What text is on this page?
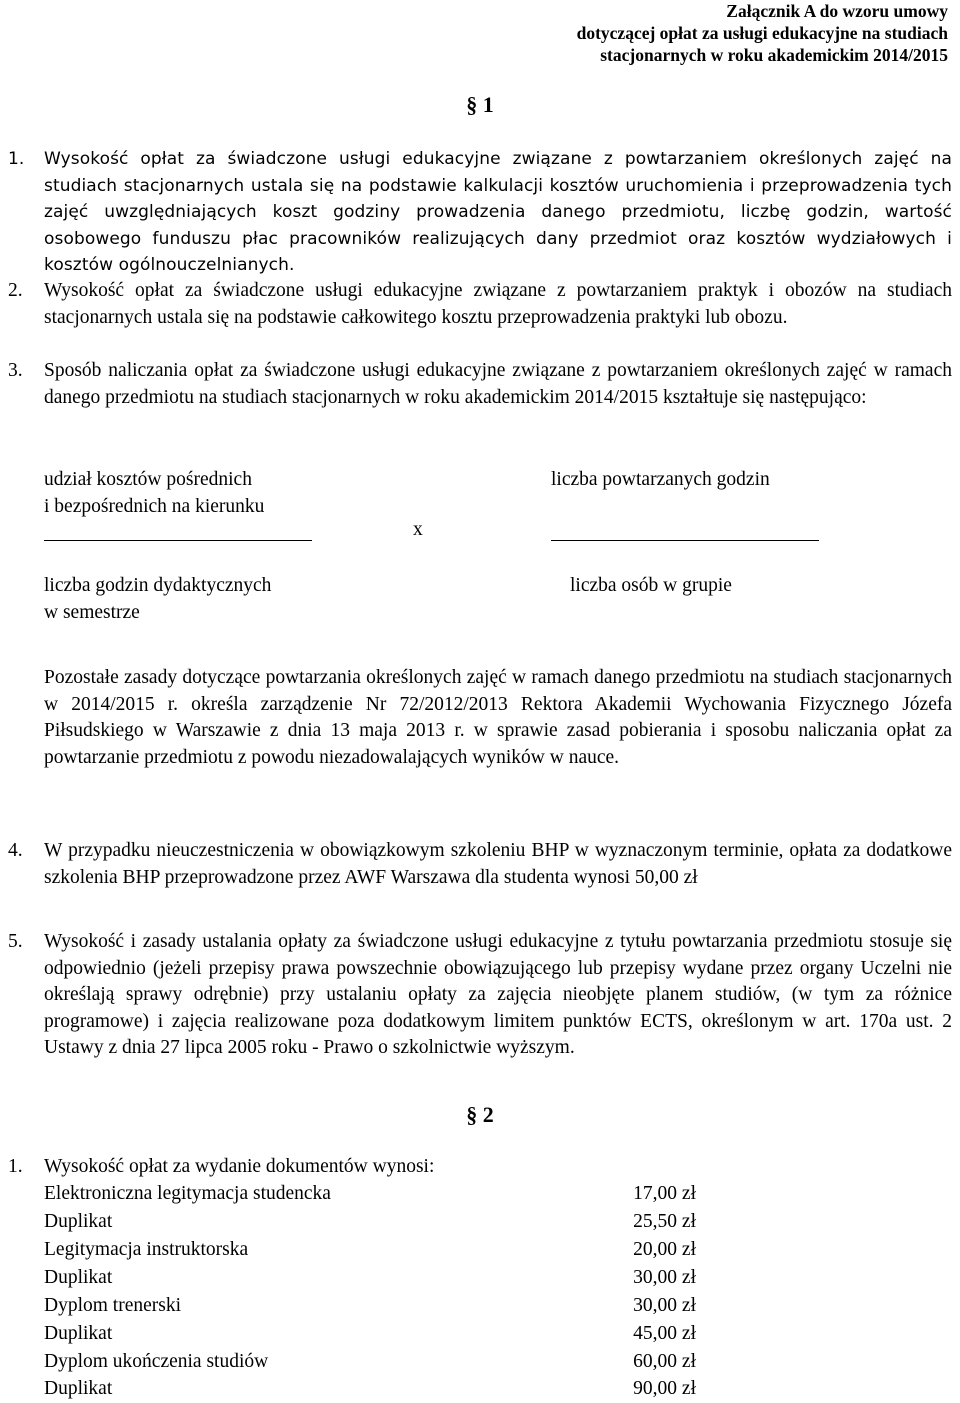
Załącznik A do wzoru umowy
dotyczącej opłat za usługi edukacyjne na studiach
stacjonarnych w roku akademickim 2014/2015
§ 1
1. Wysokość opłat za świadczone usługi edukacyjne związane z powtarzaniem określonych zajęć na studiach stacjonarnych ustala się na podstawie kalkulacji kosztów uruchomienia i przeprowadzenia tych zajęć uwzględniających koszt godziny prowadzenia danego przedmiotu, liczbę godzin, wartość osobowego funduszu płac pracowników realizujących dany przedmiot oraz kosztów wydziałowych i kosztów ogólnouczelnianych.
2. Wysokość opłat za świadczone usługi edukacyjne związane z powtarzaniem praktyk i obozów na studiach stacjonarnych ustala się na podstawie całkowitego kosztu przeprowadzenia praktyki lub obozu.
3. Sposób naliczania opłat za świadczone usługi edukacyjne związane z powtarzaniem określonych zajęć w ramach danego przedmiotu na studiach stacjonarnych w roku akademickim 2014/2015 kształtuje się następująco:
udział kosztów pośrednich
i bezpośrednich na kierunku
liczba godzin dydaktycznych
w semestrze
x
liczba powtarzanych godzin
liczba osób w grupie
Pozostałe zasady dotyczące powtarzania określonych zajęć w ramach danego przedmiotu na studiach stacjonarnych w 2014/2015 r. określa zarządzenie Nr 72/2012/2013 Rektora Akademii Wychowania Fizycznego Józefa Piłsudskiego w Warszawie z dnia 13 maja 2013 r. w sprawie zasad pobierania i sposobu naliczania opłat za powtarzanie przedmiotu z powodu niezadowalających wyników w nauce.
4. W przypadku nieuczestniczenia w obowiązkowym szkoleniu BHP w wyznaczonym terminie, opłata za dodatkowe szkolenia BHP przeprowadzone przez AWF Warszawa dla studenta wynosi 50,00 zł
5. Wysokość i zasady ustalania opłaty za świadczone usługi edukacyjne z tytułu powtarzania przedmiotu stosuje się odpowiednio (jeżeli przepisy prawa powszechnie obowiązującego lub przepisy wydane przez organy Uczelni nie określają sprawy odrębnie) przy ustalaniu opłaty za zajęcia nieobjęte planem studiów, (w tym za różnice programowe) i zajęcia realizowane poza dodatkowym limitem punktów ECTS, określonym w art. 170a ust. 2 Ustawy z dnia 27 lipca 2005 roku - Prawo o szkolnictwie wyższym.
§ 2
1. Wysokość opłat za wydanie dokumentów wynosi:
Elektroniczna legitymacja studencka	17,00 zł
Duplikat	25,50 zł
Legitymacja instruktorska	20,00 zł
Duplikat	30,00 zł
Dyplom trenerski	30,00 zł
Duplikat	45,00 zł
Dyplom ukończenia studiów	60,00 zł
Duplikat	90,00 zł
